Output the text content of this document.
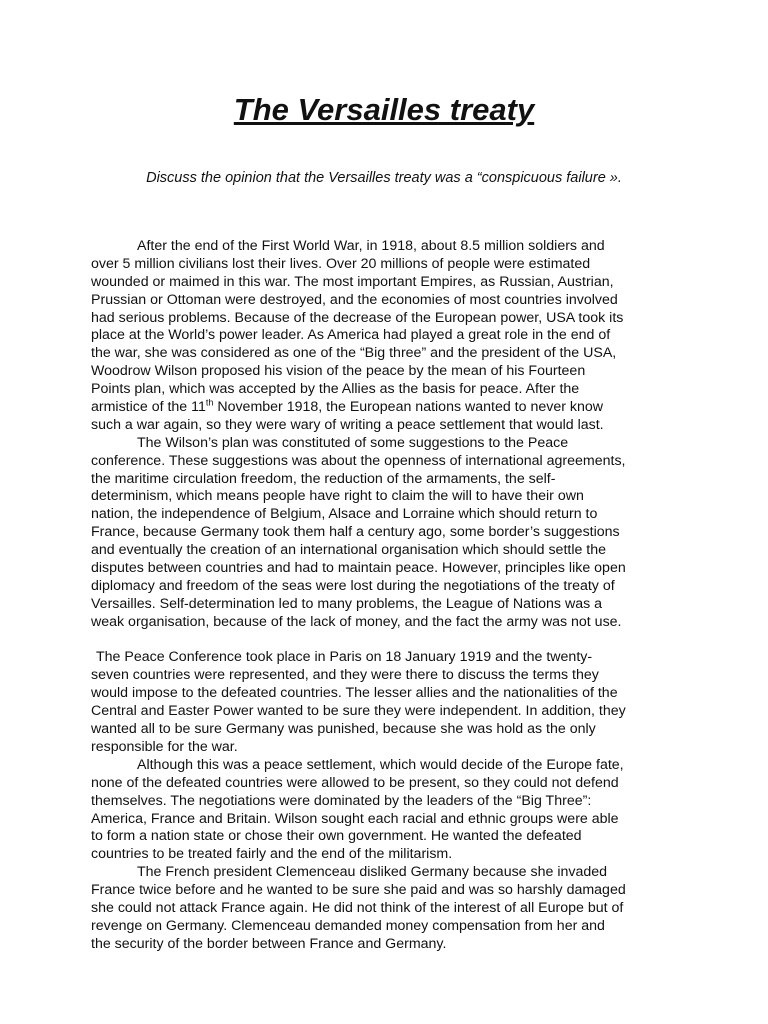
The Versailles treaty

Discuss the opinion that the Versailles treaty was a “conspicuous failure ».

After the end of the First World War, in 1918, about 8.5 million soldiers and
over 5 million civilians lost their lives. Over 20 millions of people were estimated
wounded or maimed in this war. The most important Empires, as Russian, Austrian,
Prussian or Ottoman were destroyed, and the economies of most countries involved
had serious problems. Because of the decrease of the European power, USA took its
place at the World’s power leader. As America had played a great role in the end of
the war, she was considered as one of the “Big three” and the president of the USA,
Woodrow Wilson proposed his vision of the peace by the mean of his Fourteen
Points plan, which was accepted by the Allies as the basis for peace. After the
armistice of the 11th November 1918, the European nations wanted to never know
such a war again, so they were wary of writing a peace settlement that would last.
The Wilson’s plan was constituted of some suggestions to the Peace
conference. These suggestions was about the openness of international agreements,
the maritime circulation freedom, the reduction of the armaments, the self-
determinism, which means people have right to claim the will to have their own
nation, the independence of Belgium, Alsace and Lorraine which should return to
France, because Germany took them half a century ago, some border’s suggestions
and eventually the creation of an international organisation which should settle the
disputes between countries and had to maintain peace. However, principles like open
diplomacy and freedom of the seas were lost during the negotiations of the treaty of
Versailles. Self-determination led to many problems, the League of Nations was a
weak organisation, because of the lack of money, and the fact the army was not use.
The Peace Conference took place in Paris on 18 January 1919 and the twenty-
seven countries were represented, and they were there to discuss the terms they
would impose to the defeated countries. The lesser allies and the nationalities of the
Central and Easter Power wanted to be sure they were independent. In addition, they
wanted all to be sure Germany was punished, because she was hold as the only
responsible for the war.
Although this was a peace settlement, which would decide of the Europe fate,
none of the defeated countries were allowed to be present, so they could not defend
themselves. The negotiations were dominated by the leaders of the “Big Three”:
America, France and Britain. Wilson sought each racial and ethnic groups were able
to form a nation state or chose their own government. He wanted the defeated
countries to be treated fairly and the end of the militarism.
The French president Clemenceau disliked Germany because she invaded
France twice before and he wanted to be sure she paid and was so harshly damaged
she could not attack France again. He did not think of the interest of all Europe but of
revenge on Germany. Clemenceau demanded money compensation from her and
the security of the border between France and Germany.
